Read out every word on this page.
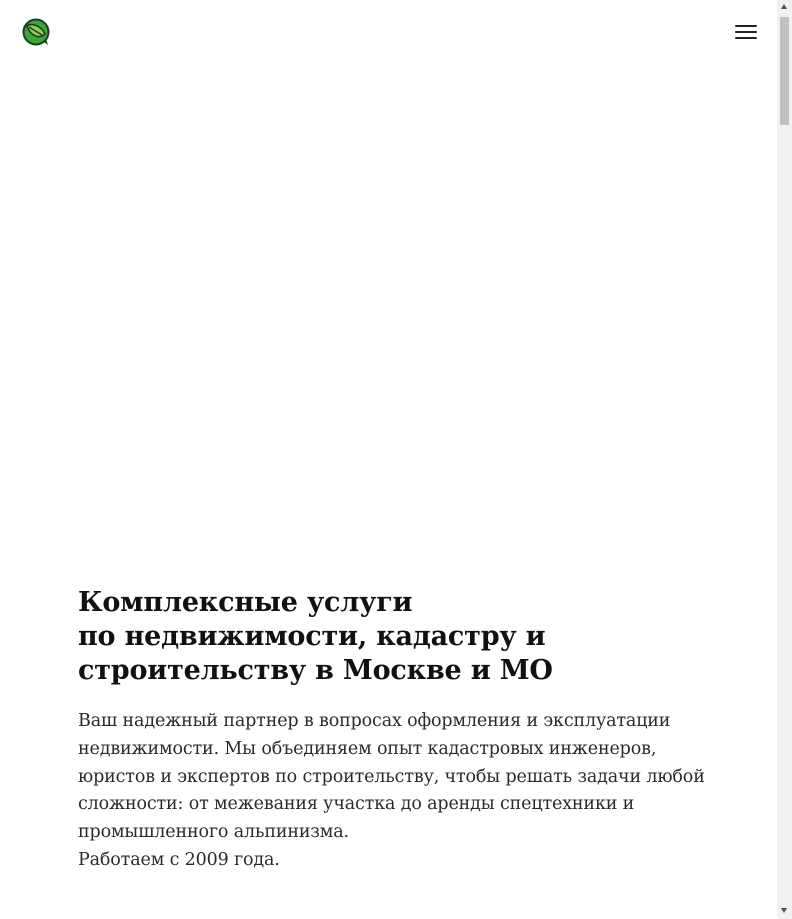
Комплексные услуги
по недвижимости, кадастру и
строительству в Москве и МО

Ваш надежный партнер в вопросах оформления и эксплуатации
недвижимости. Мы объединяем опыт кадастровых инженеров,
юристов и экспертов по строительству, чтобы решать задачи любой
сложности: от межевания участка до аренды спецтехники и
промышленного альпинизма.
Работаем с 2009 года.
